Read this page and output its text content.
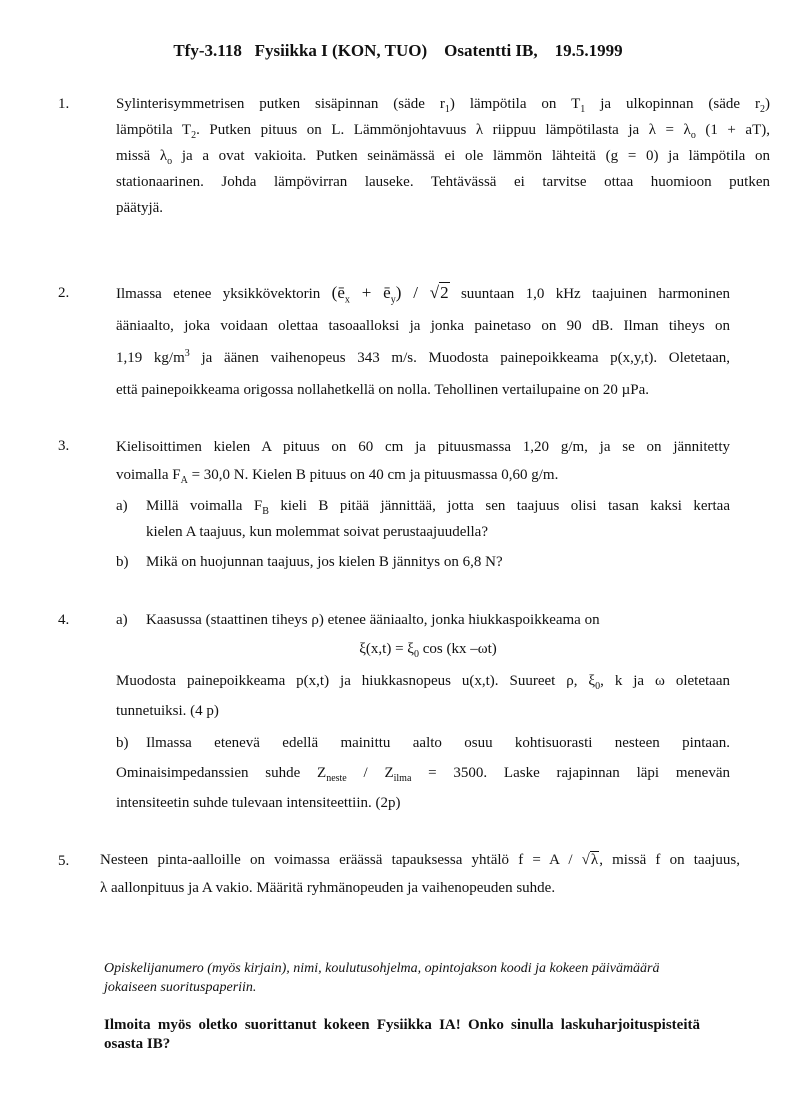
Tfy-3.118 Fysiikka I (KON, TUO) Osatentti IB, 19.5.1999
1.	Sylinterisymmetrisen putken sisäpinnan (säde $r_1$) lämpötila on $T_1$ ja ulkopinnan (säde $r_2$)
lämpötila $T_2$. Putken pituus on L. Lämmönjohtavuus λ riippuu lämpötilasta ja $\lambda = \lambda_o$ (1 + aT),
missä $\lambda_o$ ja a ovat vakioita. Putken seinämässä ei ole lämmön lähteitä (g = 0) ja lämpötila on
stationaarinen. Johda lämpövirran lauseke. Tehtävässä ei tarvitse ottaa huomioon putken
päätyjä.
2.	Ilmassa etenee yksikkövektorin ($ē_x$ + $ē_y) / √2$ suuntaan 1,0 kHz taajuinen harmoninen
ääniaalto, joka voidaan olettaa tasoaalloksi ja jonka painetaso on 90 dB. Ilman tiheys on
1,19 $kg/m^3$ ja äänen vaihenopeus 343 m/s. Muodosta painepoikkeama p(x,y,t). Oletetaan,
että painepoikkeama origossa nollahetkellä on nolla. Tehollinen vertailupaine on 20 µPa.
3.	Kielisoittimen kielen A pituus on 60 cm ja pituusmassa 1,20 g/m, ja se on jännitetty
voimalla $F_A = 30,0$ N. Kielen B pituus on 40 cm ja pituusmassa 0,60 g/m.
a) Millä voimalla $F_B$ kieli B pitää jännittää, jotta sen taajuus olisi tasan kaksi kertaa
kielen A taajuus, kun molemmat soivat perustaajuudella?
b) Mikä on huojunnan taajuus, jos kielen B jännitys on 6,8 N?
4.	a) Kaasussa (staattinen tiheys ρ) etenee ääniaalto, jonka hiukkaspoikkeama on
$\xi(x,t) = \xi_0$ cos (kx –ωt)
Muodosta painepoikkeama p(x,t) ja hiukkasnopeus u(x,t). Suureet ρ, $\xi_0$, k ja ω oletetaan
tunnetuiksi. (4 p)
b) Ilmassa etenevä edellä mainittu aalto osuu kohtisuorasti nesteen pintaan.
Ominaisimpedanssien suhde $Z_{neste} / Z_{ilma} = 3500$. Laske rajapinnan läpi menevän
intensiteetin suhde tulevaan intensiteettiin. (2p)
5.	Nesteen pinta-aalloille on voimassa eräässä tapauksessa yhtälö f = A / √λ, missä f on taajuus,
λ aallonpituus ja A vakio. Määritä ryhmänopeuden ja vaihenopeuden suhde.
Opiskelijanumero (myös kirjain), nimi, koulutusohjelma, opintojakson koodi ja kokeen päivämäärä jokaiseen suorituspaperiin.
Ilmoita myös oletko suorittanut kokeen Fysiikka IA! Onko sinulla laskuharjoituspisteitä osasta IB?
